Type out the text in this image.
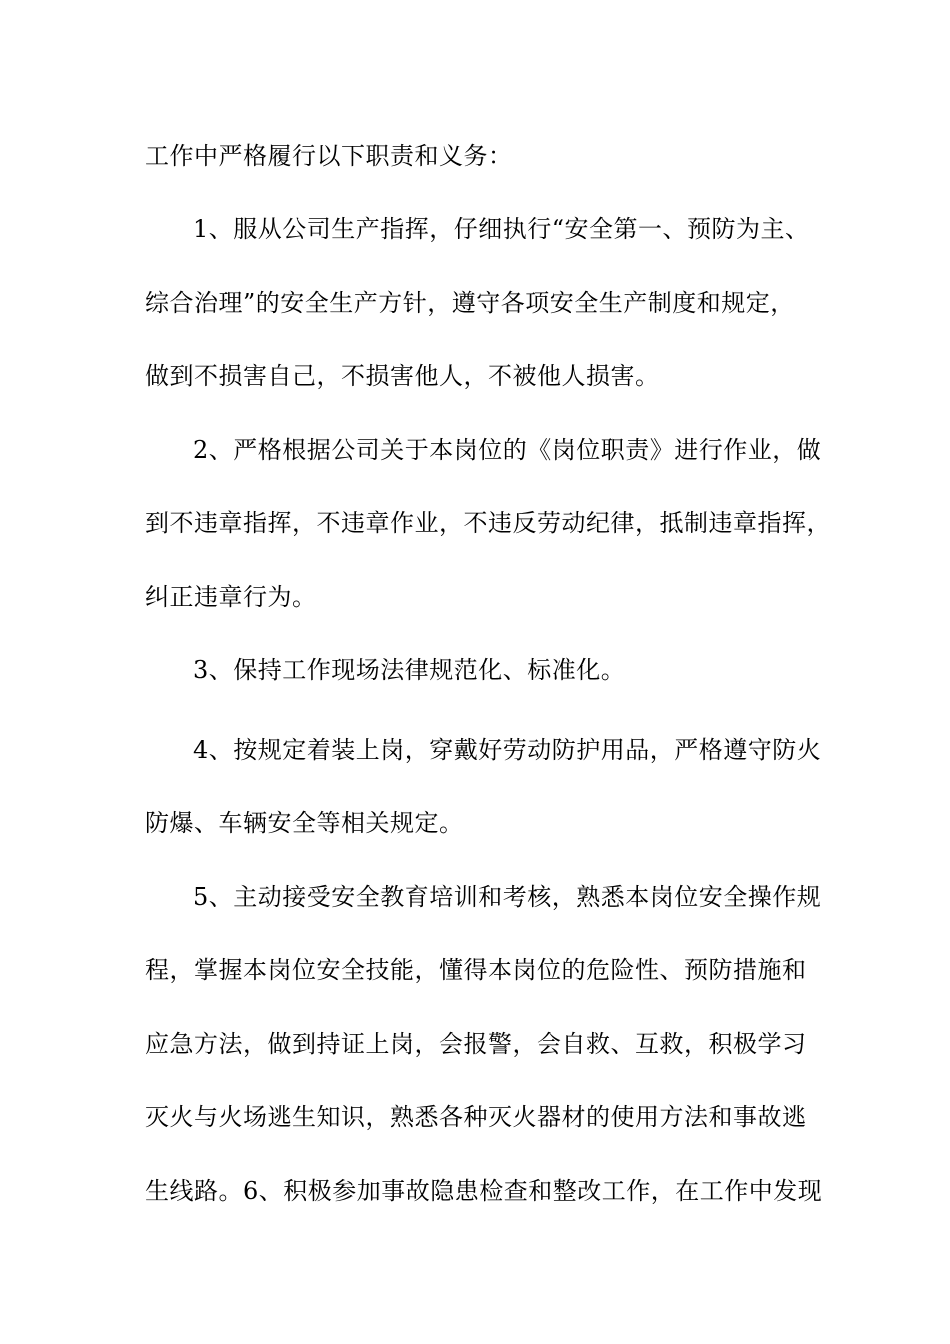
工作中严格履行以下职责和义务：
1、服从公司生产指挥，仔细执行“安全第一、预防为主、
综合治理”的安全生产方针，遵守各项安全生产制度和规定，
做到不损害自己，不损害他人，不被他人损害。
2、严格根据公司关于本岗位的《岗位职责》进行作业，做
到不违章指挥，不违章作业，不违反劳动纪律，抵制违章指挥，
纠正违章行为。
3、保持工作现场法律规范化、标准化。
4、按规定着装上岗，穿戴好劳动防护用品，严格遵守防火
防爆、车辆安全等相关规定。
5、主动接受安全教育培训和考核，熟悉本岗位安全操作规
程，掌握本岗位安全技能，懂得本岗位的危险性、预防措施和
应急方法，做到持证上岗，会报警，会自救、互救，积极学习
灭火与火场逃生知识，熟悉各种灭火器材的使用方法和事故逃
生线路。6、积极参加事故隐患检查和整改工作，在工作中发现
